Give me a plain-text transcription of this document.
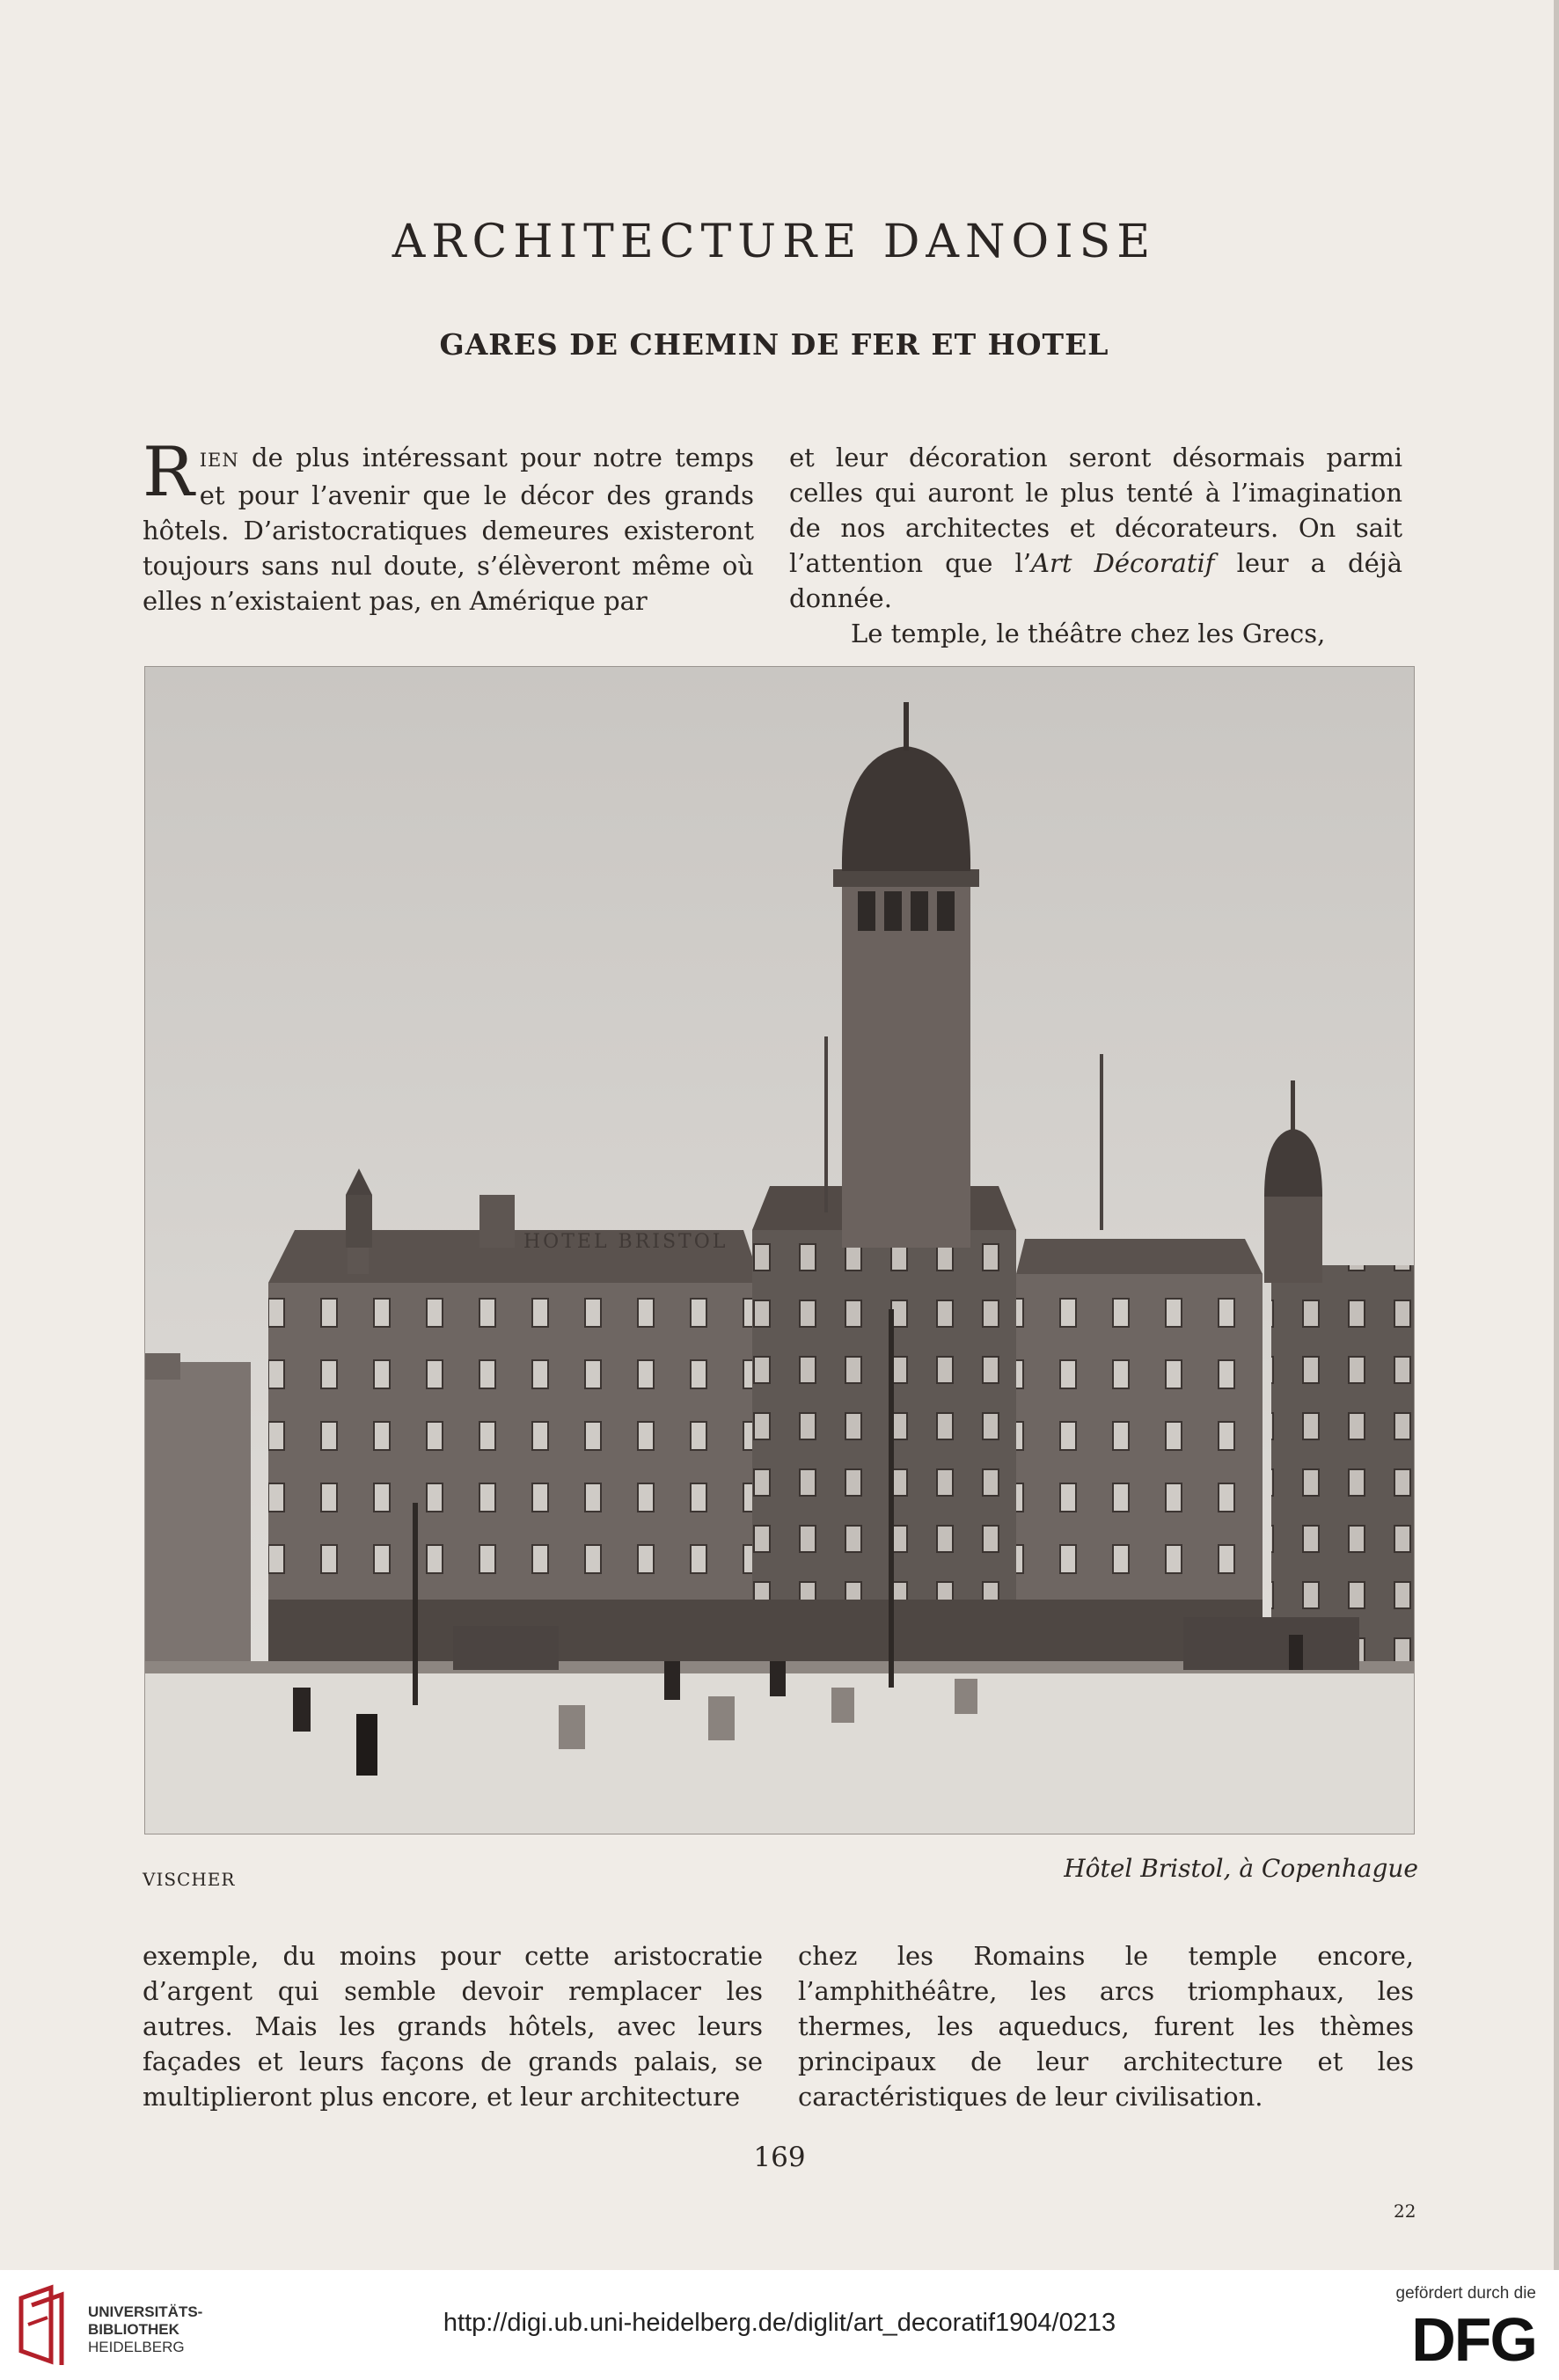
ARCHITECTURE DANOISE
GARES DE CHEMIN DE FER ET HOTEL

RIEN de plus intéressant pour notre temps et pour l’avenir que le décor des grands hôtels. D’aristocratiques demeures existeront toujours sans nul doute, s’élèveront même où elles n’existaient pas, en Amérique par

et leur décoration seront désormais parmi celles qui auront le plus tenté à l’imagination de nos architectes et décorateurs. On sait l’attention que l’Art Décoratif leur a déjà donnée.

Le temple, le théâtre chez les Grecs,

HOTEL BRISTOL
VISCHER	Hôtel Bristol, à Copenhague

exemple, du moins pour cette aristocratie d’argent qui semble devoir remplacer les autres. Mais les grands hôtels, avec leurs façades et leurs façons de grands palais, se multiplieront plus encore, et leur architecture

chez les Romains le temple encore, l’amphithéâtre, les arcs triomphaux, les thermes, les aqueducs, furent les thèmes principaux de leur architecture et les caractéristiques de leur civilisation.

169
22
UNIVERSITÄTS-
BIBLIOTHEK
HEIDELBERG
http://digi.ub.uni-heidelberg.de/diglit/art_decoratif1904/0213
gefördert durch die
DFG
